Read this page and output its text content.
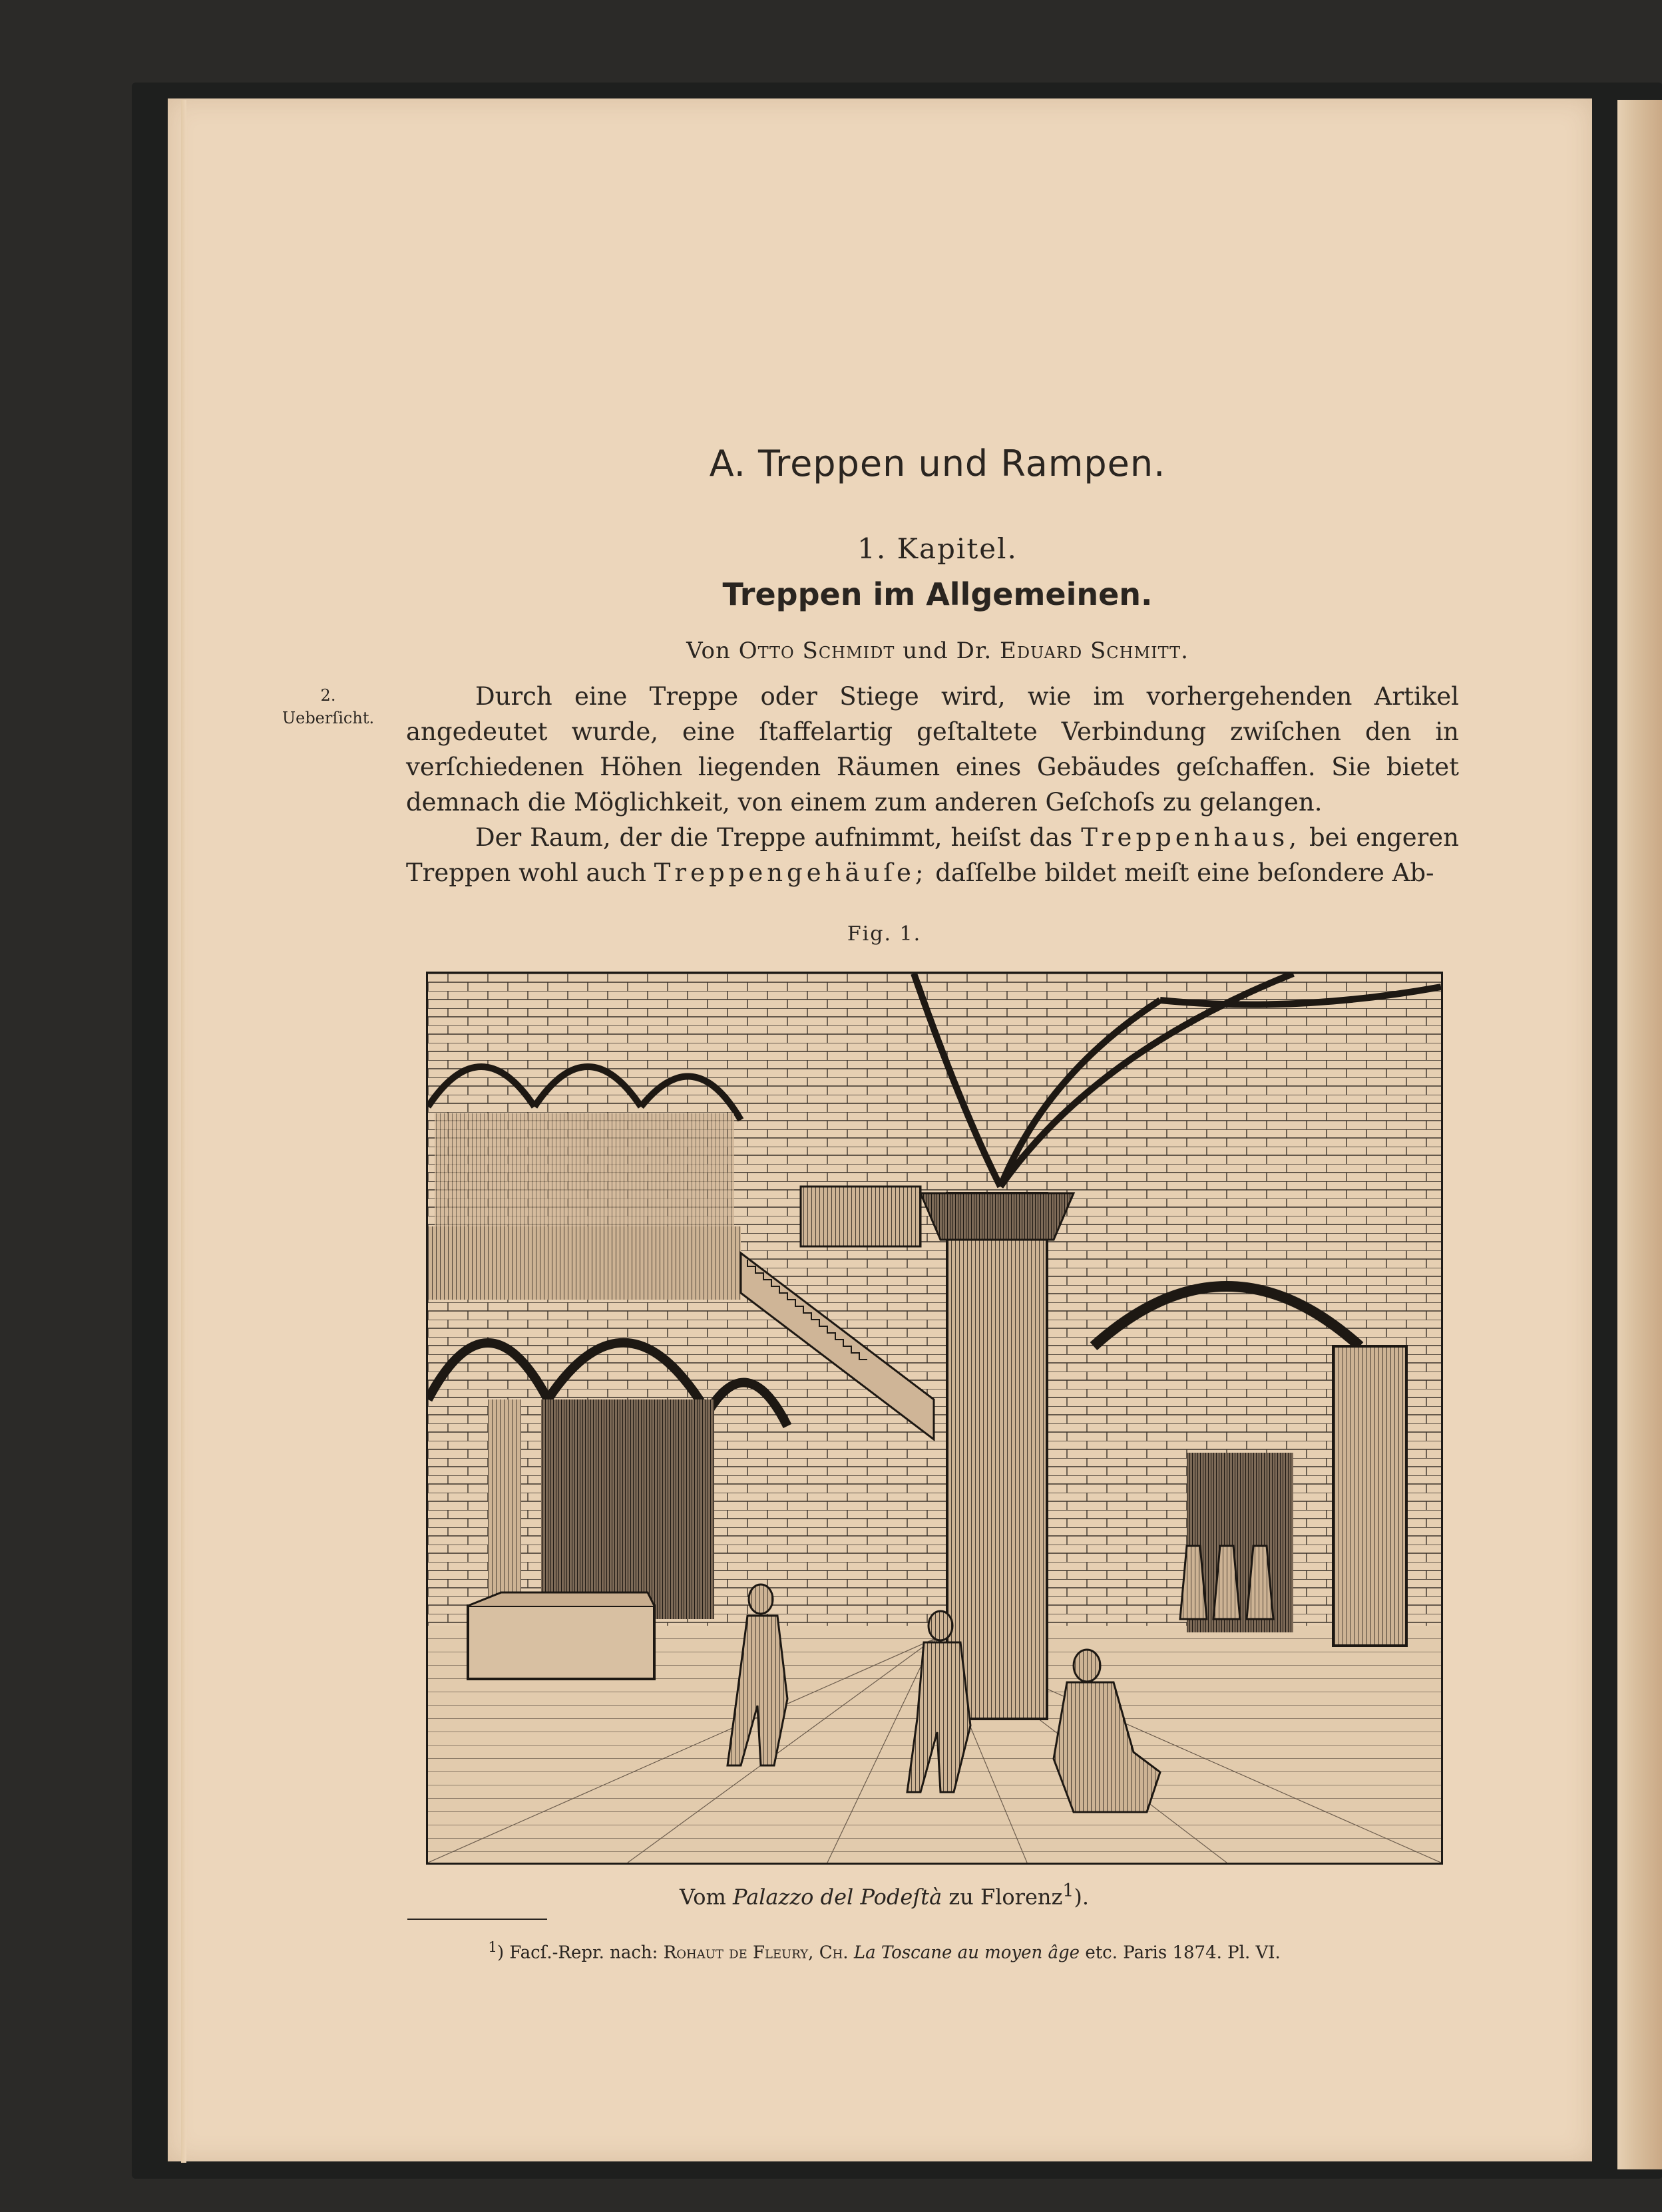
A. Treppen und Rampen.
1. Kapitel.
Treppen im Allgemeinen.
Von Otto Schmidt und Dr. Eduard Schmitt.
2.
Ueberſicht.

Durch eine Treppe oder Stiege wird, wie im vorhergehenden Artikel angedeutet wurde, eine ſtaffelartig geſtaltete Verbindung zwiſchen den in verſchiedenen Höhen liegenden Räumen eines Gebäudes geſchaffen. Sie bietet demnach die Möglichkeit, von einem zum anderen Geſchoſs zu gelangen.

Der Raum, der die Treppe aufnimmt, heiſst das Treppenhaus, bei engeren Treppen wohl auch Treppengehäuſe; daſſelbe bildet meiſt eine beſondere Ab-

Fig. 1.
Vom Palazzo del Podeſtà zu Florenz$^1$).
$^1$) Facſ.-Repr. nach: Rohaut de Fleury, Ch. La Toscane au moyen âge etc. Paris 1874. Pl. VI.
